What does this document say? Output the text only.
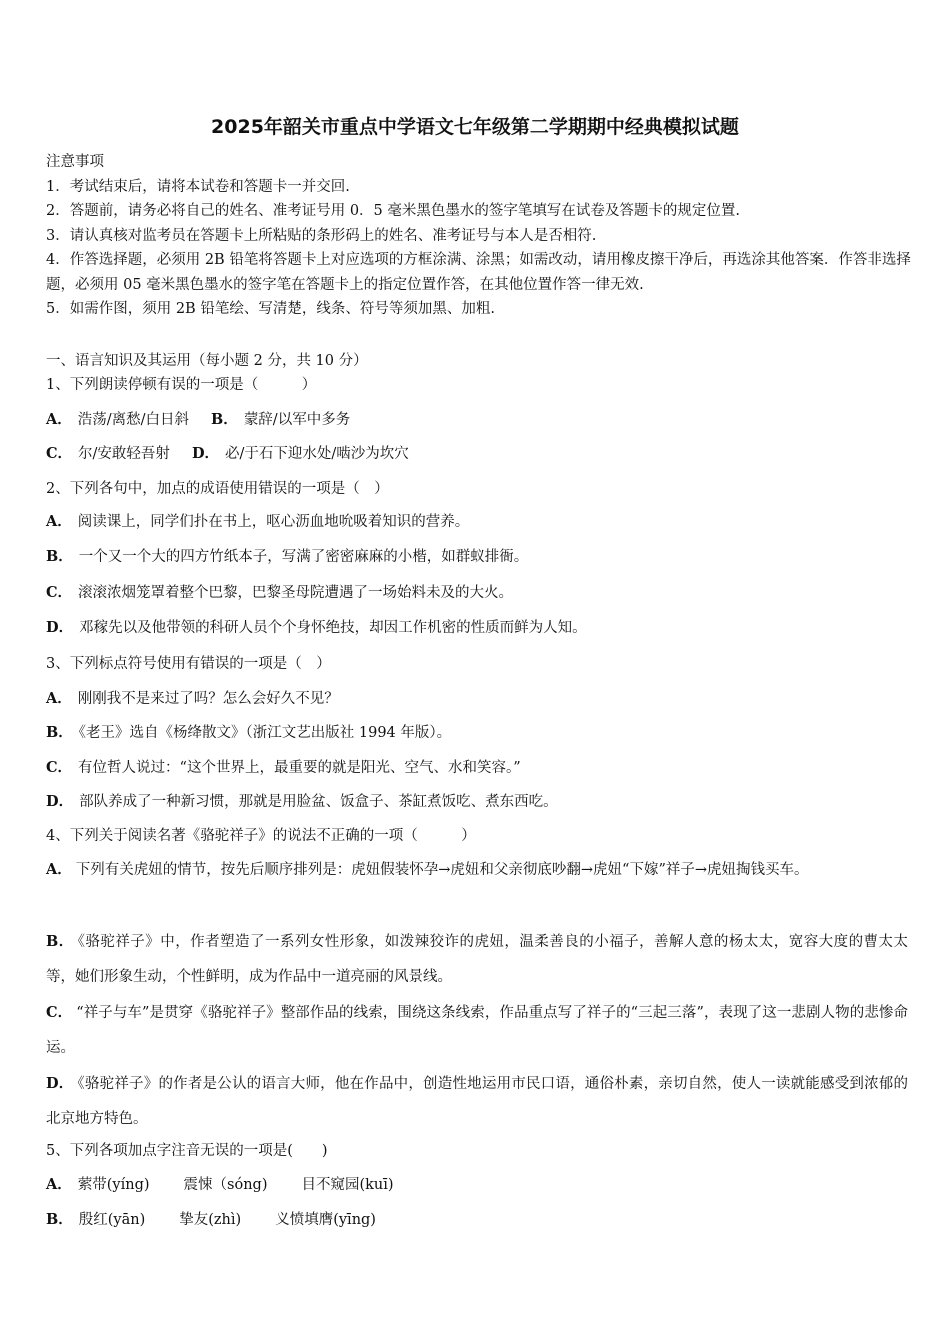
2025年韶关市重点中学语文七年级第二学期期中经典模拟试题
注意事项
1．考试结束后，请将本试卷和答题卡一并交回.
2．答题前，请务必将自己的姓名、准考证号用 0．5 毫米黑色墨水的签字笔填写在试卷及答题卡的规定位置.
3．请认真核对监考员在答题卡上所粘贴的条形码上的姓名、准考证号与本人是否相符.
4．作答选择题，必须用 2B 铅笔将答题卡上对应选项的方框涂满、涂黑；如需改动，请用橡皮擦干净后，再选涂其他答案．作答非选择题，必须用 05 毫米黑色墨水的签字笔在答题卡上的指定位置作答，在其他位置作答一律无效.
5．如需作图，须用 2B 铅笔绘、写清楚，线条、符号等须加黑、加粗.
一、语言知识及其运用（每小题 2 分，共 10 分）
1、下列朗读停顿有误的一项是（　　　）
A． 浩荡/离愁/白日斜 B． 蒙辞/以军中多务
C． 尔/安敢轻吾射 D． 必/于石下迎水处/啮沙为坎穴
2、下列各句中，加点的成语使用错误的一项是（　）
A． 阅读课上，同学们扑在书上，呕心沥血地吮吸着知识的营养。
B． 一个又一个大的四方竹纸本子，写满了密密麻麻的小楷，如群蚁排衙。
C． 滚滚浓烟笼罩着整个巴黎，巴黎圣母院遭遇了一场始料未及的大火。
D． 邓稼先以及他带领的科研人员个个身怀绝技，却因工作机密的性质而鲜为人知。
3、下列标点符号使用有错误的一项是（　）
A． 刚刚我不是来过了吗？怎么会好久不见？
B． 《老王》选自《杨绛散文》（浙江文艺出版社 1994 年版）。
C． 有位哲人说过：“这个世界上，最重要的就是阳光、空气、水和笑容。”
D． 部队养成了一种新习惯，那就是用脸盆、饭盒子、茶缸煮饭吃、煮东西吃。
4、下列关于阅读名著《骆驼祥子》的说法不正确的一项（　　　）
A． 下列有关虎妞的情节，按先后顺序排列是：虎妞假装怀孕→虎妞和父亲彻底吵翻→虎妞“下嫁”祥子→虎妞掏钱买车。
B． 《骆驼祥子》中，作者塑造了一系列女性形象，如泼辣狡诈的虎妞，温柔善良的小福子，善解人意的杨太太，宽容大度的曹太太等，她们形象生动，个性鲜明，成为作品中一道亮丽的风景线。
C． “祥子与车”是贯穿《骆驼祥子》整部作品的线索，围绕这条线索，作品重点写了祥子的“三起三落”，表现了这一悲剧人物的悲惨命运。
D． 《骆驼祥子》的作者是公认的语言大师，他在作品中，创造性地运用市民口语，通俗朴素，亲切自然，使人一读就能感受到浓郁的北京地方特色。
5、下列各项加点字注音无误的一项是(　　)
A． 萦带(yíng) 震悚（sóng) 目不窥园(kuī)
B． 殷红(yān) 挚友(zhì) 义愤填膺(yīng)
